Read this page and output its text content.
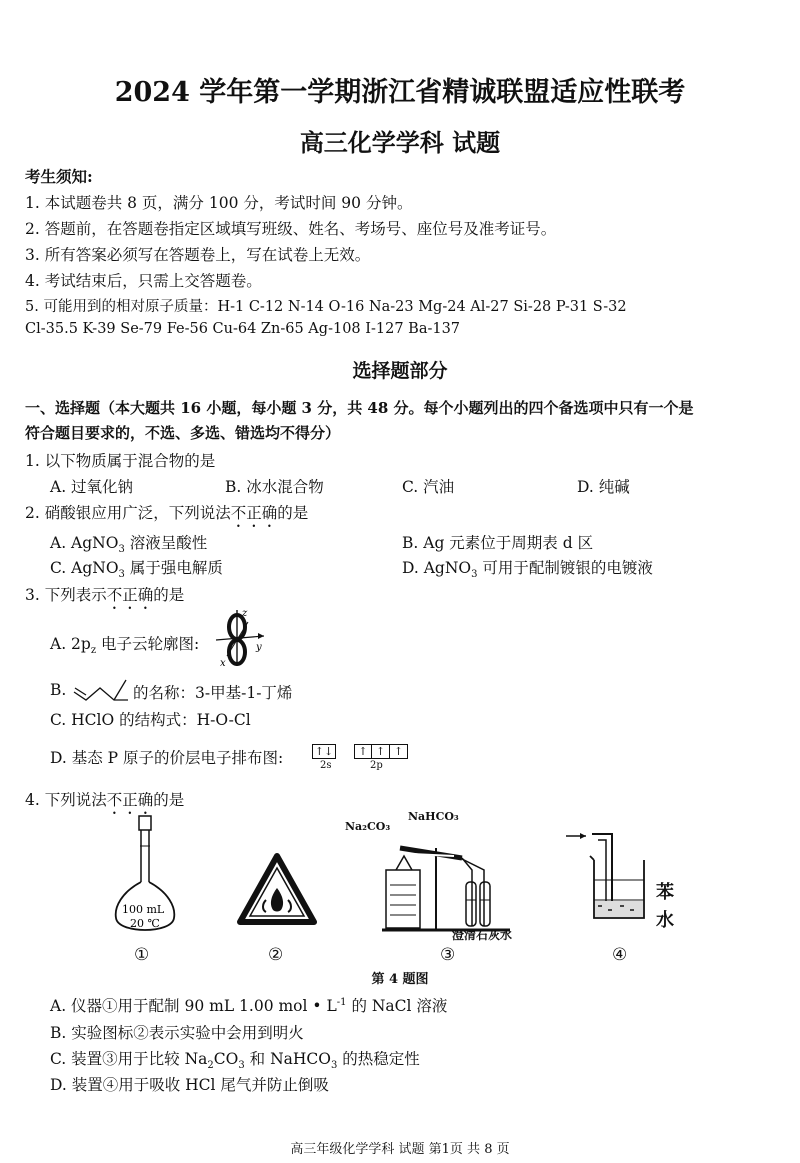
2024 学年第一学期浙江省精诚联盟适应性联考
高三化学学科 试题
考生须知:
1. 本试题卷共 8 页，满分 100 分，考试时间 90 分钟。
2. 答题前，在答题卷指定区域填写班级、姓名、考场号、座位号及准考证号。
3. 所有答案必须写在答题卷上，写在试卷上无效。
4. 考试结束后，只需上交答题卷。
5. 可能用到的相对原子质量：H-1 C-12 N-14 O-16 Na-23 Mg-24 Al-27 Si-28 P-31 S-32
Cl-35.5 K-39 Se-79 Fe-56 Cu-64 Zn-65 Ag-108 I-127 Ba-137
选择题部分
一、选择题（本大题共 16 小题，每小题 3 分，共 48 分。每个小题列出的四个备选项中只有一个是
符合题目要求的，不选、多选、错选均不得分）
1. 以下物质属于混合物的是
A. 过氧化钠	B. 冰水混合物	C. 汽油	D. 纯碱
2. 硝酸银应用广泛，下列说法不正确的是
A. AgNO$_3$ 溶液呈酸性	B. Ag 元素位于周期表 d 区
C. AgNO$_3$ 属于强电解质	D. AgNO$_3$ 可用于配制镀银的电镀液
3. 下列表示不正确的是
A. $2p_z$ 电子云轮廓图:
z
y
x
B.	的名称：3-甲基-1-丁烯
C. HClO 的结构式：H-O-Cl
D. 基态 P 原子的价层电子排布图:	↑↓ ↑ ↑ ↑
2s	2p
4. 下列说法不正确的是
100 mL
20 ℃
Na₂CO₃
NaHCO₃
澄清石灰水
苯
水
①	②	③	④
第 4 题图
A. 仪器①用于配制 90 mL 1.00 mol • $L^{-1}$ 的 NaCl 溶液
B. 实验图标②表示实验中会用到明火
C. 装置③用于比较 $Na_2CO_3$ 和 NaHCO$_3$ 的热稳定性
D. 装置④用于吸收 HCl 尾气并防止倒吸
高三年级化学学科 试题 第1页 共 8 页
